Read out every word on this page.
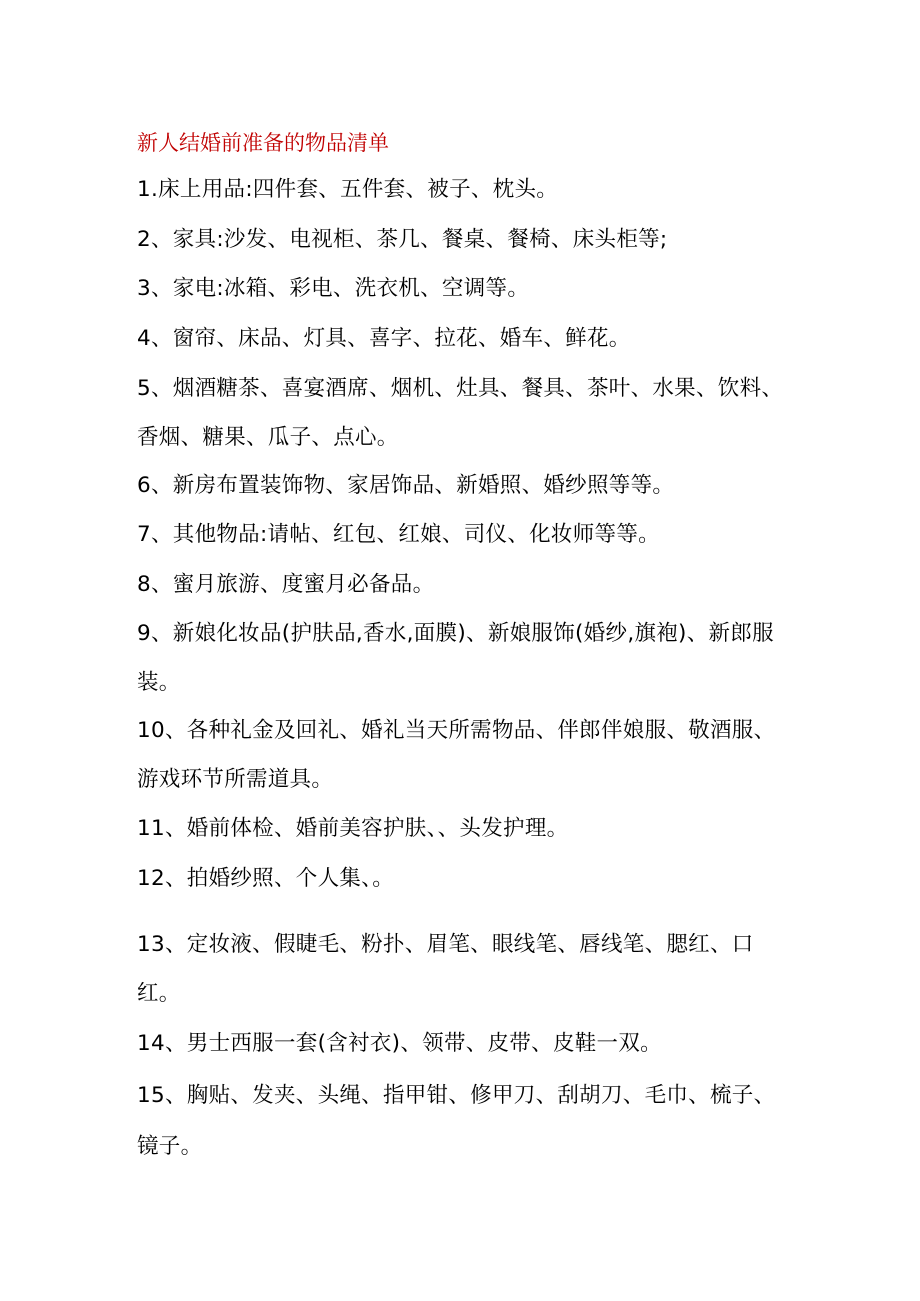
新人结婚前准备的物品清单
1.床上用品:四件套、五件套、被子、枕头。
2、家具:沙发、电视柜、茶几、餐桌、餐椅、床头柜等;
3、家电:冰箱、彩电、洗衣机、空调等。
4、窗帘、床品、灯具、喜字、拉花、婚车、鲜花。
5、烟酒糖茶、喜宴酒席、烟机、灶具、餐具、茶叶、水果、饮料、香烟、糖果、瓜子、点心。
6、新房布置装饰物、家居饰品、新婚照、婚纱照等等。
7、其他物品:请帖、红包、红娘、司仪、化妆师等等。
8、蜜月旅游、度蜜月必备品。
9、新娘化妆品(护肤品,香水,面膜)、新娘服饰(婚纱,旗袍)、新郎服装。
10、各种礼金及回礼、婚礼当天所需物品、伴郎伴娘服、敬酒服、游戏环节所需道具。
11、婚前体检、婚前美容护肤、、头发护理。
12、拍婚纱照、个人集、。
13、定妆液、假睫毛、粉扑、眉笔、眼线笔、唇线笔、腮红、口红。
14、男士西服一套(含衬衣)、领带、皮带、皮鞋一双。
15、胸贴、发夹、头绳、指甲钳、修甲刀、刮胡刀、毛巾、梳子、镜子。
